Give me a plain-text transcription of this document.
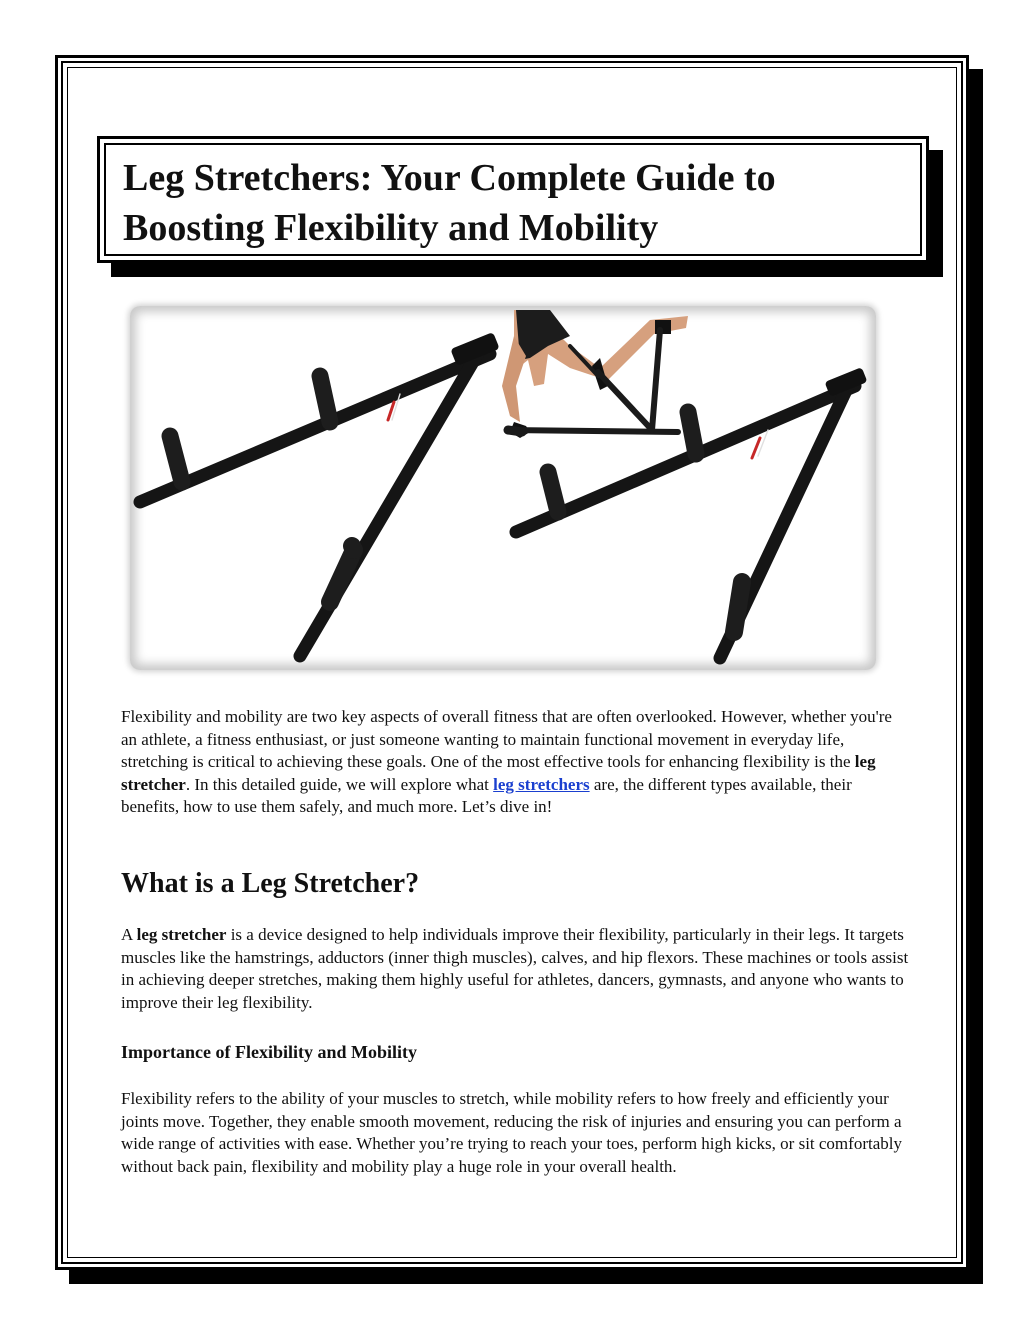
Leg Stretchers: Your Complete Guide to Boosting Flexibility and Mobility

Flexibility and mobility are two key aspects of overall fitness that are often overlooked. However, whether you're an athlete, a fitness enthusiast, or just someone wanting to maintain functional movement in everyday life, stretching is critical to achieving these goals. One of the most effective tools for enhancing flexibility is the leg stretcher. In this detailed guide, we will explore what leg stretchers are, the different types available, their benefits, how to use them safely, and much more. Let’s dive in!

What is a Leg Stretcher?

A leg stretcher is a device designed to help individuals improve their flexibility, particularly in their legs. It targets muscles like the hamstrings, adductors (inner thigh muscles), calves, and hip flexors. These machines or tools assist in achieving deeper stretches, making them highly useful for athletes, dancers, gymnasts, and anyone who wants to improve their leg flexibility.

Importance of Flexibility and Mobility

Flexibility refers to the ability of your muscles to stretch, while mobility refers to how freely and efficiently your joints move. Together, they enable smooth movement, reducing the risk of injuries and ensuring you can perform a wide range of activities with ease. Whether you’re trying to reach your toes, perform high kicks, or sit comfortably without back pain, flexibility and mobility play a huge role in your overall health.
